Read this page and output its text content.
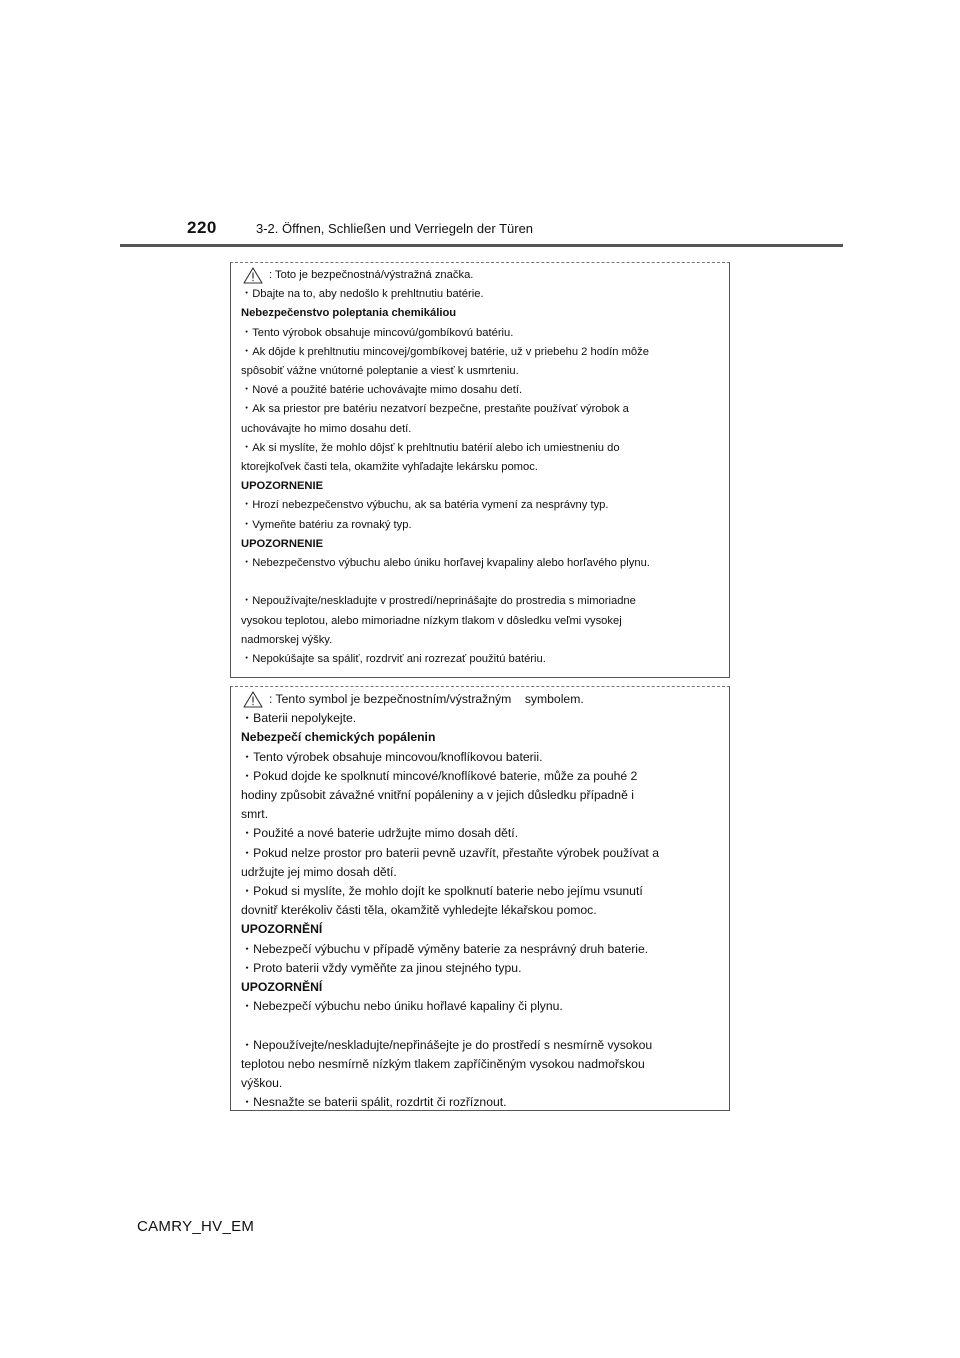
220	3-2. Öffnen, Schließen und Verriegeln der Türen
: Toto je bezpečnostná/výstražná značka.
・Dbajte na to, aby nedošlo k prehltnutiu batérie.
Nebezpečenstvo poleptania chemikáliou
・Tento výrobok obsahuje mincovú/gombíkovú batériu.
・Ak dôjde k prehltnutiu mincovej/gombíkovej batérie, už v priebehu 2 hodín môže
spôsobiť vážne vnútorné poleptanie a viesť k usmrteniu.
・Nové a použité batérie uchovávajte mimo dosahu detí.
・Ak sa priestor pre batériu nezatvorí bezpečne, prestaňte používať výrobok a
uchovávajte ho mimo dosahu detí.
・Ak si myslíte, že mohlo dôjsť k prehltnutiu batérií alebo ich umiestneniu do
ktorejkoľvek časti tela, okamžite vyhľadajte lekársku pomoc.
UPOZORNENIE
・Hrozí nebezpečenstvo výbuchu, ak sa batéria vymení za nesprávny typ.
・Vymeňte batériu za rovnaký typ.
UPOZORNENIE
・Nebezpečenstvo výbuchu alebo úniku horľavej kvapaliny alebo horľavého plynu.
・Nepoužívajte/neskladujte v prostredí/neprinášajte do prostredia s mimoriadne
vysokou teplotou, alebo mimoriadne nízkym tlakom v dôsledku veľmi vysokej
nadmorskej výšky.
・Nepokúšajte sa spáliť, rozdrviť ani rozrezať použitú batériu.
: Tento symbol je bezpečnostním/výstražným    symbolem.
・Baterii nepolykejte.
Nebezpečí chemických popálenin
・Tento výrobek obsahuje mincovou/knoflíkovou baterii.
・Pokud dojde ke spolknutí mincové/knoflíkové baterie, může za pouhé 2
hodiny způsobit závažné vnitřní popáleniny a v jejich důsledku případně i
smrt.
・Použité a nové baterie udržujte mimo dosah dětí.
・Pokud nelze prostor pro baterii pevně uzavřít, přestaňte výrobek používat a
udržujte jej mimo dosah dětí.
・Pokud si myslíte, že mohlo dojít ke spolknutí baterie nebo jejímu vsunutí
dovnitř kterékoliv části těla, okamžitě vyhledejte lékařskou pomoc.
UPOZORNĚNÍ
・Nebezpečí výbuchu v případě výměny baterie za nesprávný druh baterie.
・Proto baterii vždy vyměňte za jinou stejného typu.
UPOZORNĚNÍ
・Nebezpečí výbuchu nebo úniku hořlavé kapaliny či plynu.
・Nepoužívejte/neskladujte/nepřinášejte je do prostředí s nesmírně vysokou
teplotou nebo nesmírně nízkým tlakem zapříčiněným vysokou nadmořskou
výškou.
・Nesnažte se baterii spálit, rozdrtit či rozříznout.
CAMRY_HV_EM
